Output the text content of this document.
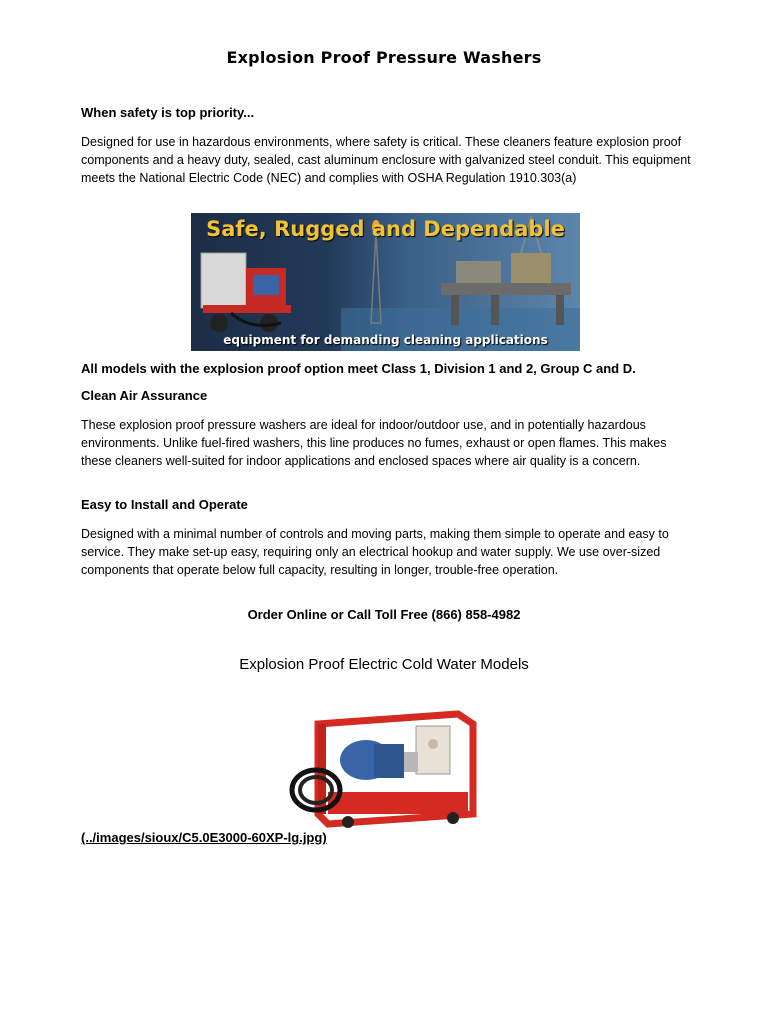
Explosion Proof Pressure Washers
When safety is top priority...

Designed for use in hazardous environments, where safety is critical. These cleaners feature explosion proof components and a heavy duty, sealed, cast aluminum enclosure with galvanized steel conduit. This equipment meets the National Electric Code (NEC) and complies with OSHA Regulation 1910.303(a)

Safe, Rugged and Dependable
equipment for demanding cleaning applications
All models with the explosion proof option meet Class 1, Division 1 and 2, Group C and D.
Clean Air Assurance

These explosion proof pressure washers are ideal for indoor/outdoor use, and in potentially hazardous environments. Unlike fuel-fired washers, this line produces no fumes, exhaust or open flames. This makes these cleaners well-suited for indoor applications and enclosed spaces where air quality is a concern.

Easy to Install and Operate

Designed with a minimal number of controls and moving parts, making them simple to operate and easy to service. They make set-up easy, requiring only an electrical hookup and water supply. We use over-sized components that operate below full capacity, resulting in longer, trouble-free operation.

Order Online or Call Toll Free (866) 858-4982
Explosion Proof Electric Cold Water Models
(../images/sioux/C5.0E3000-60XP-lg.jpg)
